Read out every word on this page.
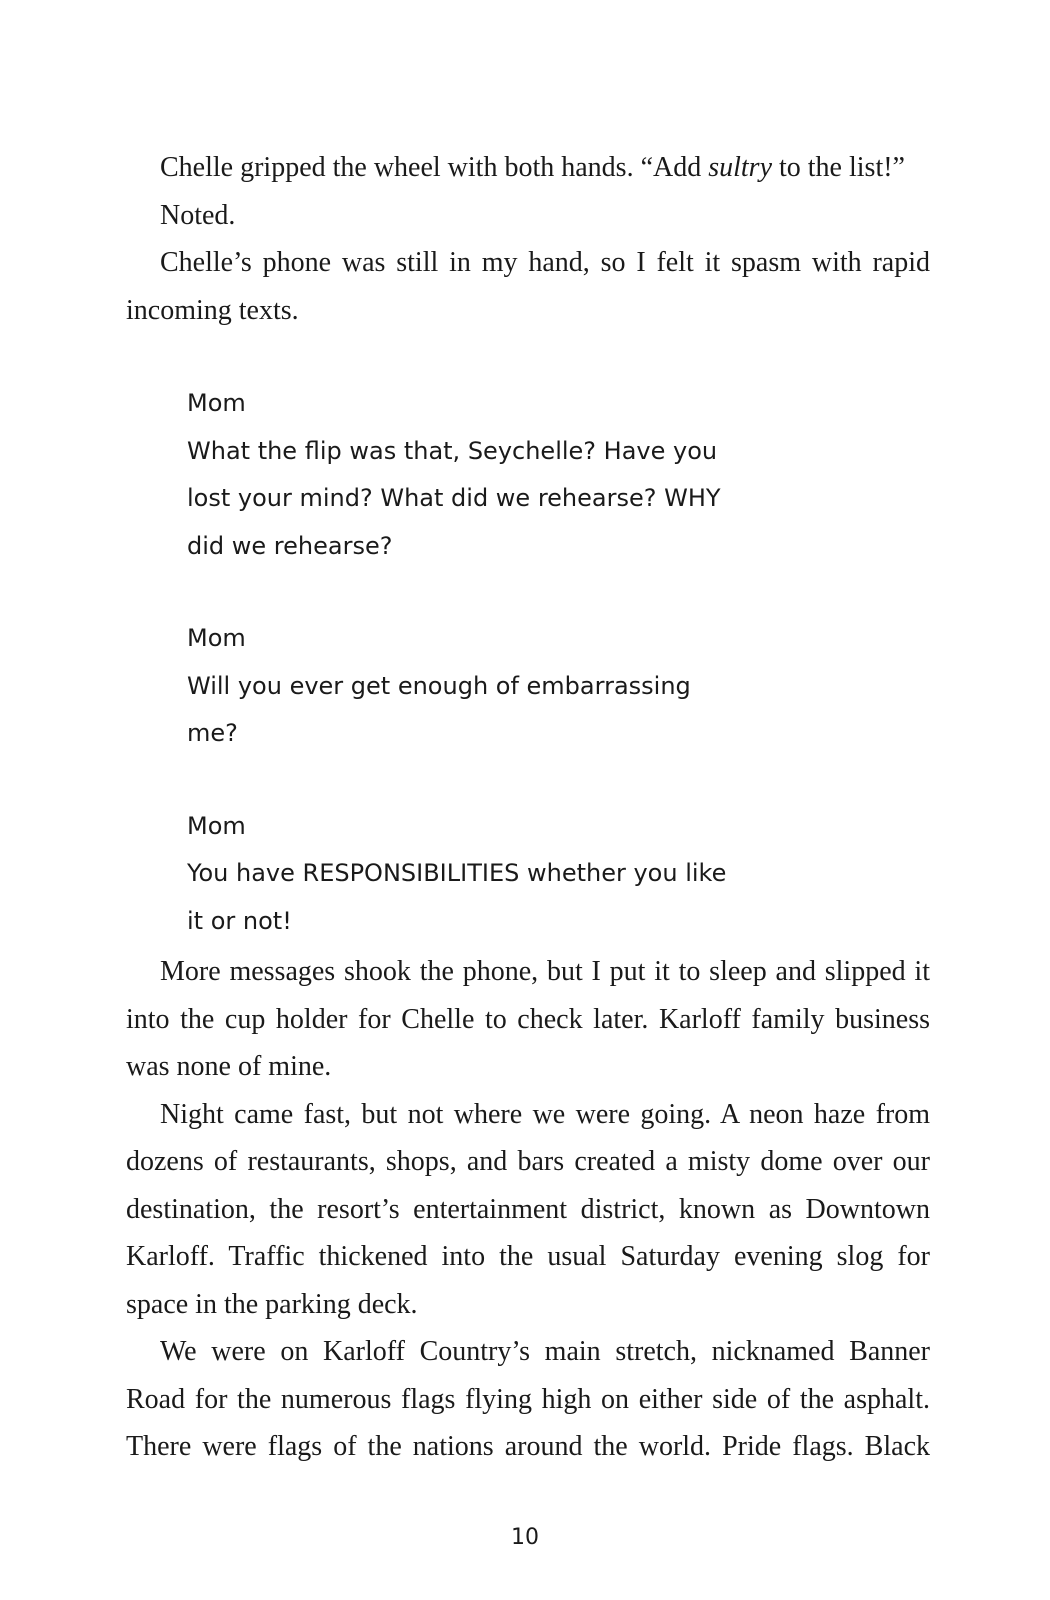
Chelle gripped the wheel with both hands. “Add sultry to the list!”

Noted.

Chelle’s phone was still in my hand, so I felt it spasm with rapid incoming texts.

Mom
What the flip was that, Seychelle? Have you
lost your mind? What did we rehearse? WHY
did we rehearse?
Mom
Will you ever get enough of embarrassing me?
Mom
You have RESPONSIBILITIES whether you like
it or not!

More messages shook the phone, but I put it to sleep and slipped it into the cup holder for Chelle to check later. Karloff family business was none of mine.

Night came fast, but not where we were going. A neon haze from dozens of restaurants, shops, and bars created a misty dome over our destination, the resort’s entertainment district, known as Downtown Karloff. Traffic thickened into the usual Saturday evening slog for space in the parking deck.

We were on Karloff Country’s main stretch, nicknamed Banner Road for the numerous flags flying high on either side of the asphalt. There were flags of the nations around the world. Pride flags. Black

10
